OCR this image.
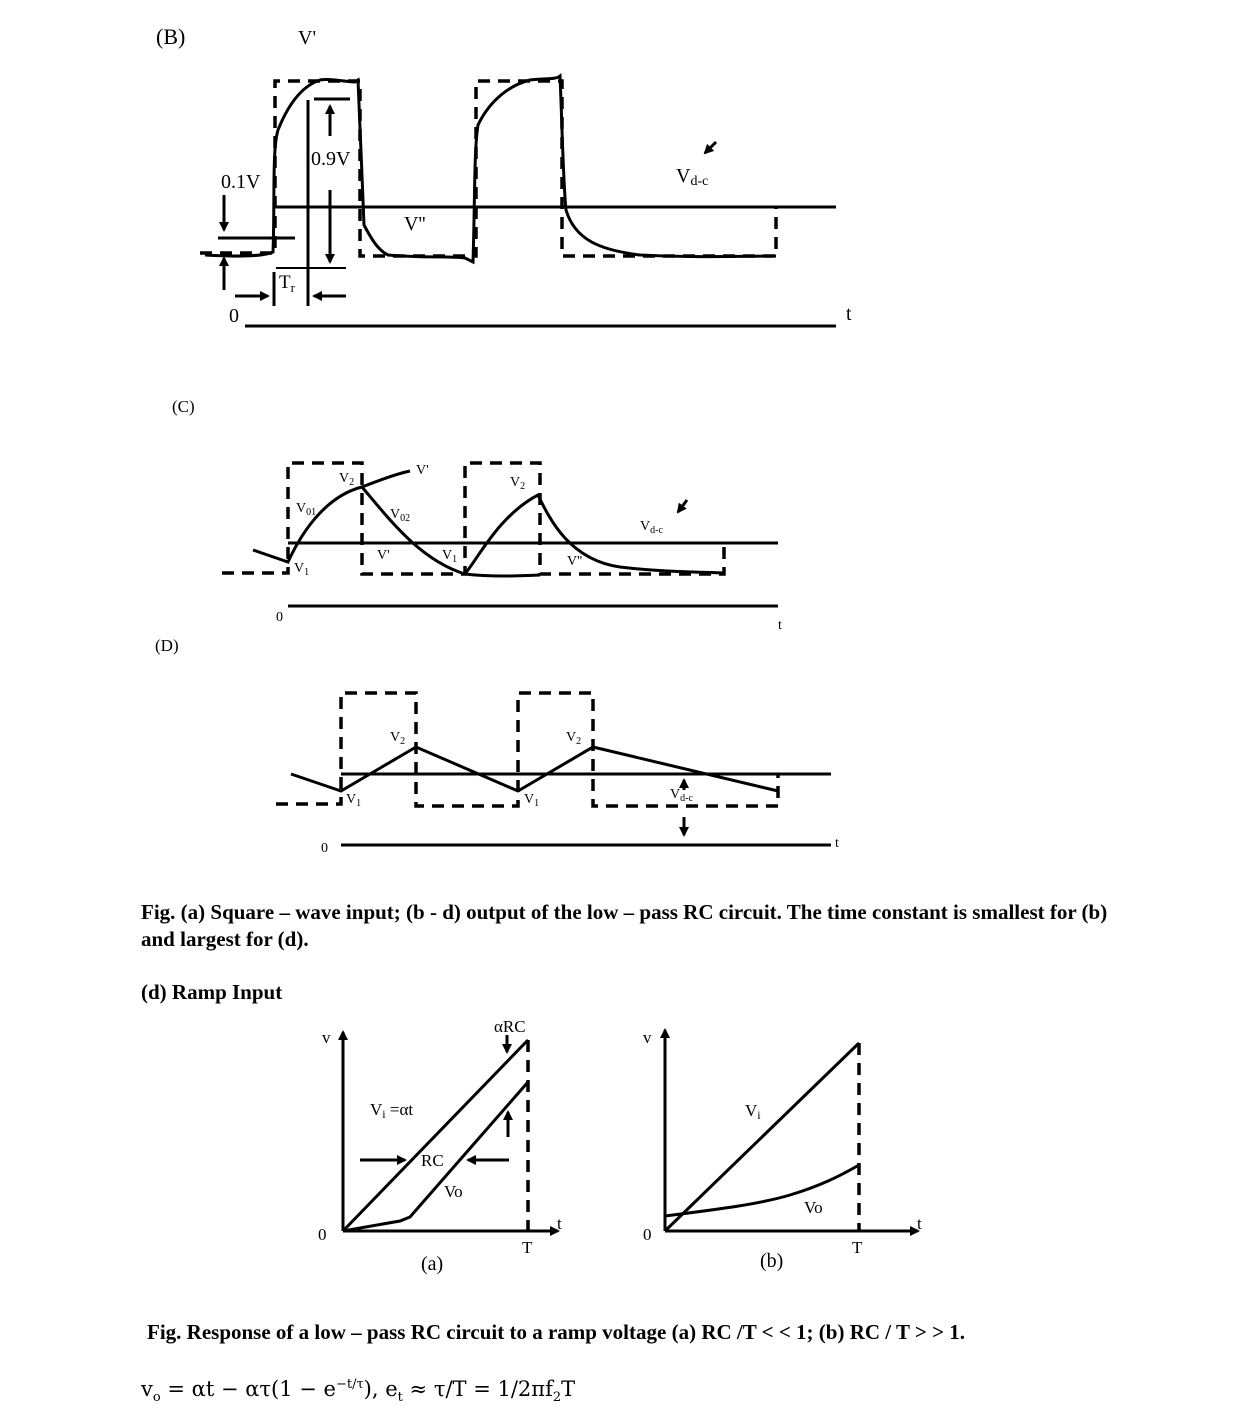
(B)	V'
0.1V
0.9V
$T_r$
V''
Vd-c
0	t
(C)
$V_2$
V'
$V_{01}$	$V_{02}$
$V_2$
$V_1$
V'	$V_1$	V''
$V_{d-c}$
0
t
(D)
$V_2$	$V_2$
$V_1$	$V_1$
$V_{d-c}$
0	t
v
0
t
T
αRC
Vi =αt
RC
Vo
(a)
v
0
t
T
Vi
Vo
(b)
Fig. (a) Square – wave input; (b - d) output of the low – pass RC circuit. The time constant is smallest for (b) and largest for (d).
(d) Ramp Input
Fig. Response of a low – pass RC circuit to a ramp voltage (a) RC /T < < 1; (b) RC / T > > 1.
$v_o = \alpha t - \alpha\tau(1 - e^{-t/\tau})$, $e_t \approx \tau/T = 1/2\pi f_2T$
